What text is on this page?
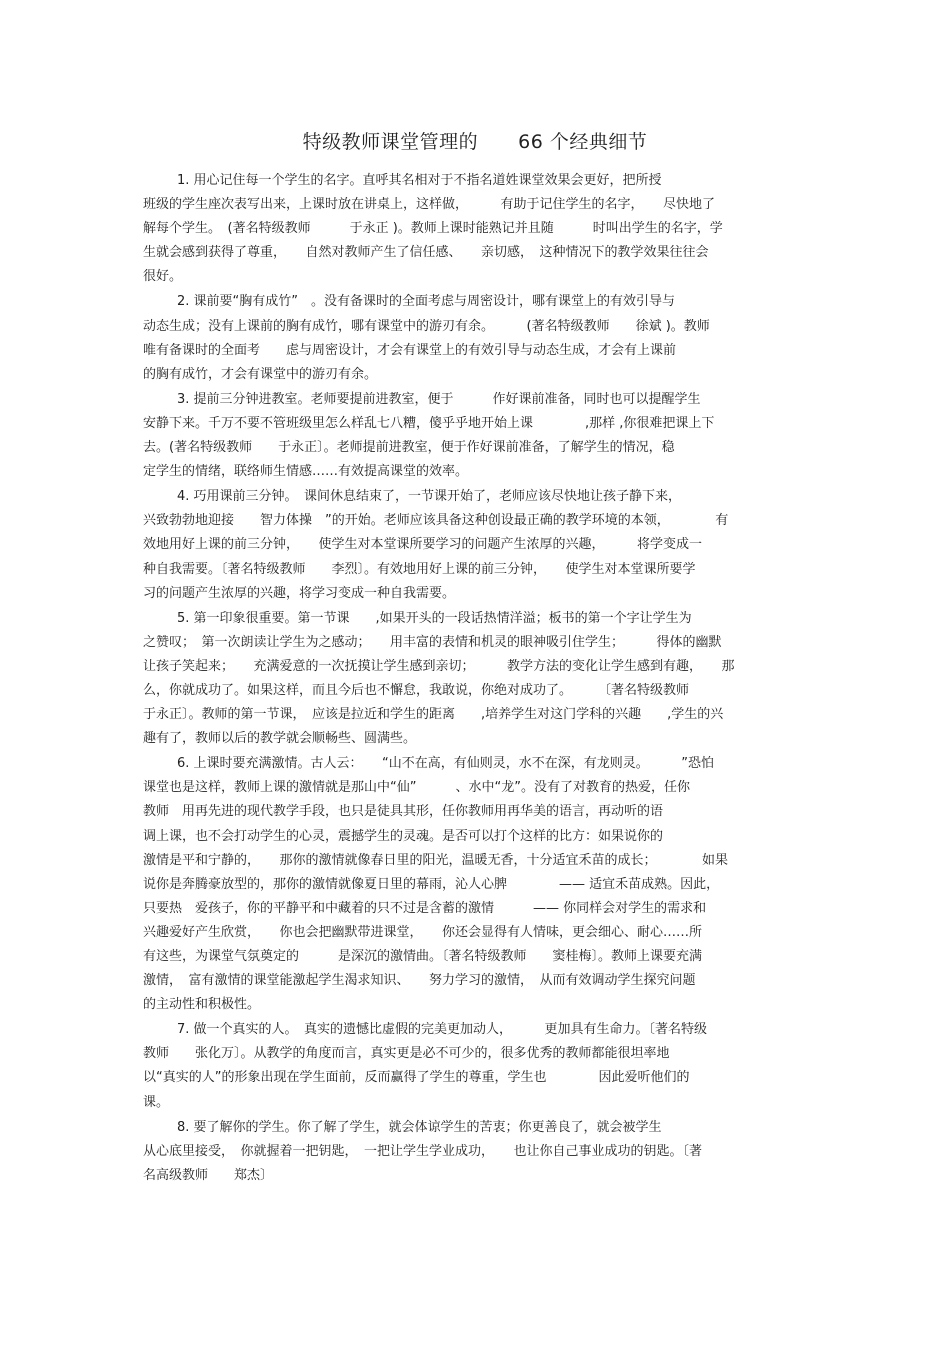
特级教师课堂管理的 66 个经典细节
1. 用心记住每一个学生的名字。直呼其名相对于不指名道姓课堂效果会更好，把所授
班级的学生座次表写出来，上课时放在讲桌上，这样做，　　　有助于记住学生的名字，　　尽快地了
解每个学生。　(著名特级教师　　　于永正 )。教师上课时能熟记并且随　　　时叫出学生的名字，学
生就会感到获得了尊重，　　自然对教师产生了信任感、　　亲切感，　这种情况下的教学效果往往会
很好。
2. 课前要“胸有成竹”　。没有备课时的全面考虑与周密设计，哪有课堂上的有效引导与
动态生成；没有上课前的胸有成竹，哪有课堂中的游刃有余。　　　(著名特级教师　　徐斌 )。教师
唯有备课时的全面考　　虑与周密设计，才会有课堂上的有效引导与动态生成，才会有上课前
的胸有成竹，才会有课堂中的游刃有余。
3. 提前三分钟进教室。老师要提前进教室，便于　　　作好课前准备，同时也可以提醒学生
安静下来。千万不要不管班级里怎么样乱七八糟，傻乎乎地开始上课　　　　,那样 ,你很难把课上下
去。(著名特级教师　　于永正〕。老师提前进教室，便于作好课前准备，了解学生的情况，稳
定学生的情绪，联络师生情感……有效提高课堂的效率。
4. 巧用课前三分钟。　课间休息结束了，一节课开始了，老师应该尽快地让孩子静下来，
兴致勃勃地迎接　　智力体操　”的开始。老师应该具备这种创设最正确的教学环境的本领，　　　　有
效地用好上课的前三分钟，　　使学生对本堂课所要学习的问题产生浓厚的兴趣，　　　将学变成一
种自我需要。〔著名特级教师　　李烈〕。有效地用好上课的前三分钟，　　使学生对本堂课所要学
习的问题产生浓厚的兴趣，将学习变成一种自我需要。
5. 第一印象很重要。第一节课　　,如果开头的一段话热情洋溢；板书的第一个字让学生为
之赞叹；　第一次朗读让学生为之感动；　　用丰富的表情和机灵的眼神吸引住学生；　　　得体的幽默
让孩子笑起来；　　充满爱意的一次抚摸让学生感到亲切；　　　教学方法的变化让学生感到有趣，　　那
么，你就成功了。如果这样，而且今后也不懈怠，我敢说，你绝对成功了。　　　〔著名特级教师
于永正〕。教师的第一节课，　应该是拉近和学生的距离　　,培养学生对这门学科的兴趣　　,学生的兴
趣有了，教师以后的教学就会顺畅些、圆满些。
6. 上课时要充满激情。古人云：　　“山不在高，有仙则灵，水不在深，有龙则灵。　　　”恐怕
课堂也是这样，教师上课的激情就是那山中“仙”　　　、水中“龙”。没有了对教育的热爱，任你
教师　用再先进的现代教学手段，也只是徒具其形，任你教师用再华美的语言，再动听的语
调上课，也不会打动学生的心灵，震撼学生的灵魂。是否可以打个这样的比方：如果说你的
激情是平和宁静的，　　那你的激情就像春日里的阳光，温暖无香，十分适宜禾苗的成长；　　　　如果
说你是奔腾豪放型的，那你的激情就像夏日里的幕雨，沁人心脾　　　　—— 适宜禾苗成熟。因此，
只要热　爱孩子，你的平静平和中藏着的只不过是含蓄的激情　　　—— 你同样会对学生的需求和
兴趣爱好产生欣赏，　　你也会把幽默带进课堂，　　你还会显得有人情味，更会细心、耐心……所
有这些，为课堂气氛奠定的　　　是深沉的激情曲。〔著名特级教师　　窦桂梅〕。教师上课要充满
激情，　富有激情的课堂能激起学生渴求知识、　　努力学习的激情，　从而有效调动学生探究问题
的主动性和积极性。
7. 做一个真实的人。　真实的遗憾比虚假的完美更加动人，　　　更加具有生命力。〔著名特级
教师　　张化万〕。从教学的角度而言，真实更是必不可少的，很多优秀的教师都能很坦率地
以“真实的人”的形象出现在学生面前，反而赢得了学生的尊重，学生也　　　　因此爱听他们的
课。
8. 要了解你的学生。你了解了学生，就会体谅学生的苦衷；你更善良了，就会被学生
从心底里接受，　你就握着一把钥匙，　一把让学生学业成功，　　也让你自己事业成功的钥匙。〔著
名高级教师　　郑杰〕
